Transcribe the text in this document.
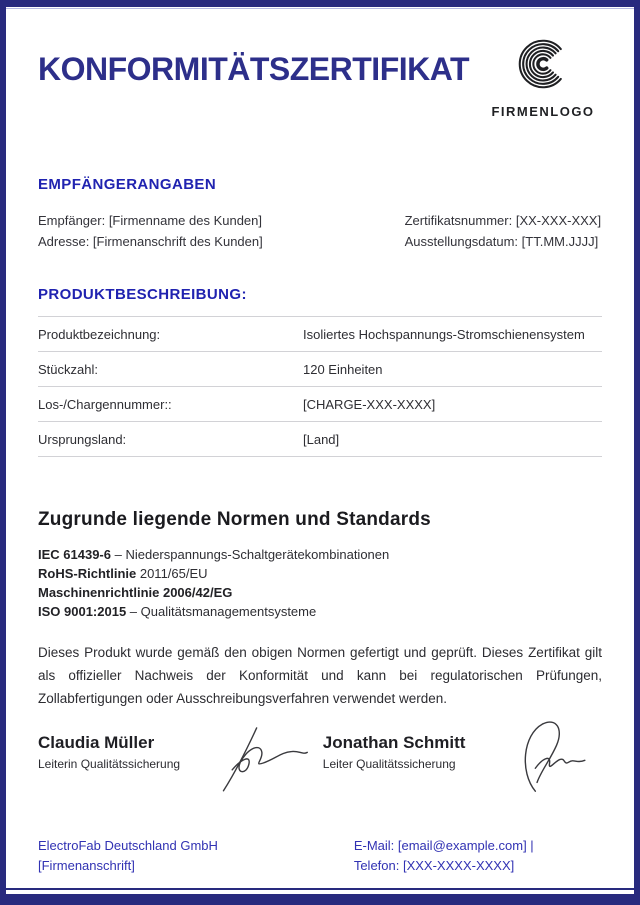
KONFORMITÄTSZERTIFIKAT
FIRMENLOGO
EMPFÄNGERANGABEN
Empfänger: [Firmenname des Kunden]
Adresse: [Firmenanschrift des Kunden]
Zertifikatsnummer: [XX-XXX-XXX]
Ausstellungsdatum: [TT.MM.JJJJ]
PRODUKTBESCHREIBUNG:
Produktbezeichnung:	Isoliertes Hochspannungs-Stromschienensystem
Stückzahl:	120 Einheiten
Los-/Chargennummer::	[CHARGE-XXX-XXXX]
Ursprungsland:	[Land]
Zugrunde liegende Normen und Standards
IEC 61439-6 – Niederspannungs-Schaltgerätekombinationen
RoHS-Richtlinie 2011/65/EU
Maschinenrichtlinie 2006/42/EG
ISO 9001:2015 – Qualitätsmanagementsysteme
Dieses Produkt wurde gemäß den obigen Normen gefertigt und geprüft. Dieses Zertifikat gilt als offizieller Nachweis der Konformität und kann bei regulatorischen Prüfungen, Zollabfertigungen oder Ausschreibungsverfahren verwendet werden.
Claudia Müller
Leiterin Qualitätssicherung
Jonathan Schmitt
Leiter Qualitätssicherung
ElectroFab Deutschland GmbH
[Firmenanschrift]
E-Mail: [email@example.com] |
Telefon: [XXX-XXXX-XXXX]
